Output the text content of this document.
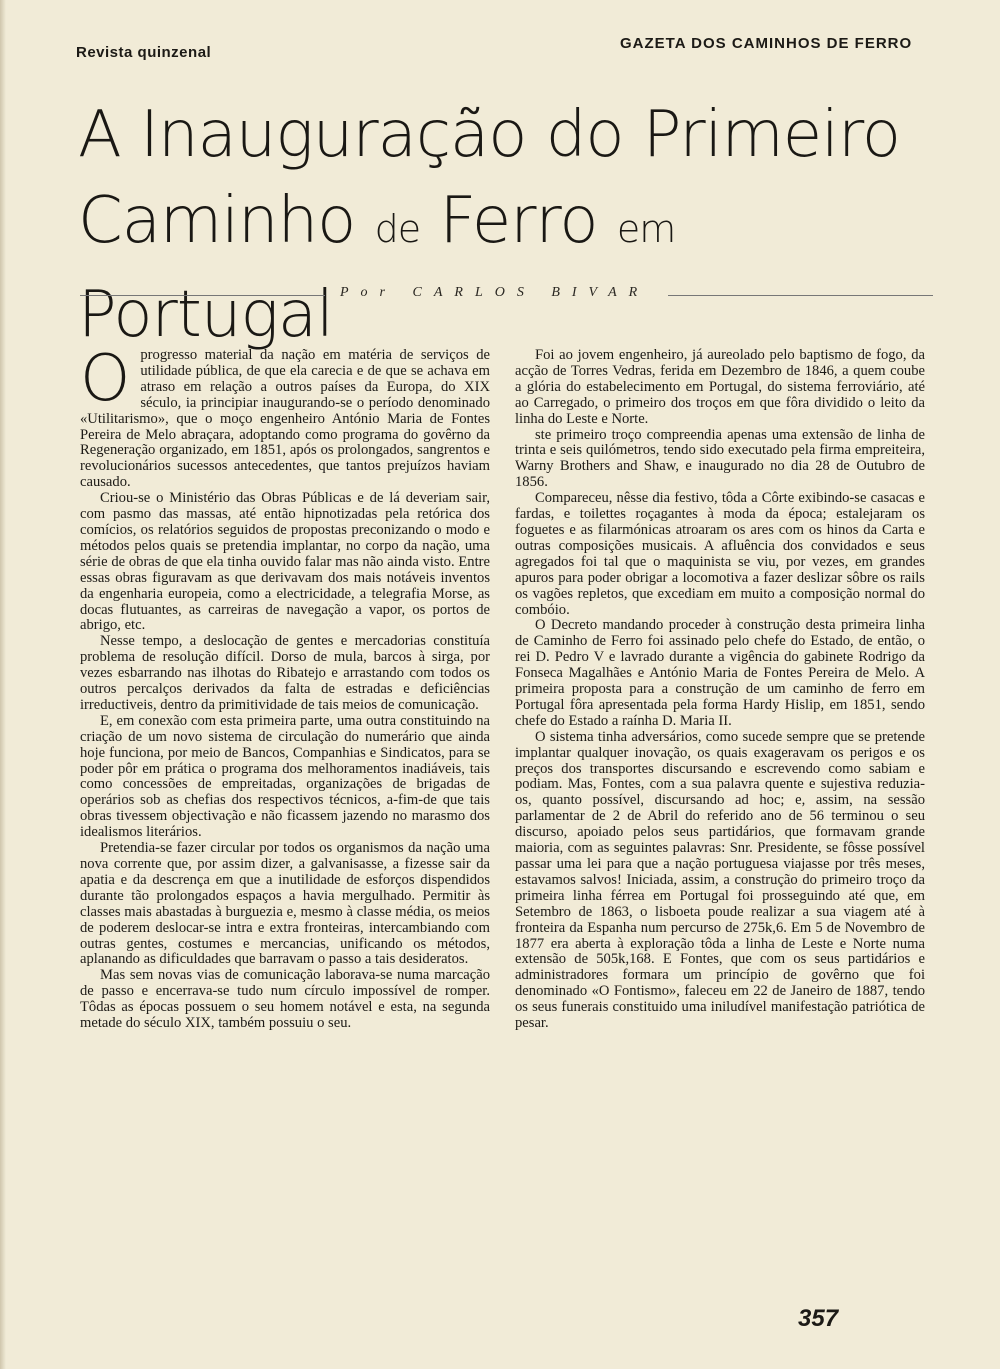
Revista quinzenal
GAZETA DOS CAMINHOS DE FERRO
A Inauguração do Primeiro
Caminho de Ferro em Portugal Por CARLOS BIVAR

Oprogresso material da nação em matéria de serviços de utilidade pública, de que ela carecia e de que se achava em atraso em relação a outros países da Europa, do XIX século, ia principiar inaugurando-se o período denominado «Utilitarismo», que o moço engenheiro António Maria de Fontes Pereira de Melo abraçara, adoptando como programa do govêrno da Regeneração organizado, em 1851, após os prolongados, sangrentos e revolucionários sucessos antecedentes, que tantos prejuízos haviam causado.

Criou-se o Ministério das Obras Públicas e de lá deveriam sair, com pasmo das massas, até então hipnotizadas pela retórica dos comícios, os relatórios seguidos de propostas preconizando o modo e métodos pelos quais se pretendia implantar, no corpo da nação, uma série de obras de que ela tinha ouvido falar mas não ainda visto. Entre essas obras figuravam as que derivavam dos mais notáveis inventos da engenharia europeia, como a electricidade, a telegrafia Morse, as docas flutuantes, as carreiras de navegação a vapor, os portos de abrigo, etc.

Nesse tempo, a deslocação de gentes e mercadorias constituía problema de resolução difícil. Dorso de mula, barcos à sirga, por vezes esbarrando nas ilhotas do Ribatejo e arrastando com todos os outros percalços derivados da falta de estradas e deficiências irreductiveis, dentro da primitividade de tais meios de comunicação.

E, em conexão com esta primeira parte, uma outra constituindo na criação de um novo sistema de circulação do numerário que ainda hoje funciona, por meio de Bancos, Companhias e Sindicatos, para se poder pôr em prática o programa dos melhoramentos inadiáveis, tais como concessões de empreitadas, organizações de brigadas de operários sob as chefias dos respectivos técnicos, a-fim-de que tais obras tivessem objectivação e não ficassem jazendo no marasmo dos idealismos literários.

Pretendia-se fazer circular por todos os organismos da nação uma nova corrente que, por assim dizer, a galvanisasse, a fizesse sair da apatia e da descrença em que a inutilidade de esforços dispendidos durante tão prolongados espaços a havia mergulhado. Permitir às classes mais abastadas à burguezia e, mesmo à classe média, os meios de poderem deslocar-se intra e extra fronteiras, intercambiando com outras gentes, costumes e mercancias, unificando os métodos, aplanando as dificuldades que barravam o passo a tais desideratos.

Mas sem novas vias de comunicação laborava-se numa marcação de passo e encerrava-se tudo num círculo impossível de romper. Tôdas as épocas possuem o seu homem notável e esta, na segunda metade do século XIX, também possuiu o seu.

Foi ao jovem engenheiro, já aureolado pelo baptismo de fogo, da acção de Torres Vedras, ferida em Dezembro de 1846, a quem coube a glória do estabelecimento em Portugal, do sistema ferroviário, até ao Carregado, o primeiro dos troços em que fôra dividido o leito da linha do Leste e Norte.

ste primeiro troço compreendia apenas uma extensão de linha de trinta e seis quilómetros, tendo sido executado pela firma empreiteira, Warny Brothers and Shaw, e inaugurado no dia 28 de Outubro de 1856.

Compareceu, nêsse dia festivo, tôda a Côrte exibindo-se casacas e fardas, e toilettes roçagantes à moda da época; estalejaram os foguetes e as filarmónicas atroaram os ares com os hinos da Carta e outras composições musicais. A afluência dos convidados e seus agregados foi tal que o maquinista se viu, por vezes, em grandes apuros para poder obrigar a locomotiva a fazer deslizar sôbre os rails os vagões repletos, que excediam em muito a composição normal do combóio.

O Decreto mandando proceder à construção desta primeira linha de Caminho de Ferro foi assinado pelo chefe do Estado, de então, o rei D. Pedro V e lavrado durante a vigência do gabinete Rodrigo da Fonseca Magalhães e António Maria de Fontes Pereira de Melo. A primeira proposta para a construção de um caminho de ferro em Portugal fôra apresentada pela forma Hardy Hislip, em 1851, sendo chefe do Estado a raínha D. Maria II.

O sistema tinha adversários, como sucede sempre que se pretende implantar qualquer inovação, os quais exageravam os perigos e os preços dos transportes discursando e escrevendo como sabiam e podiam. Mas, Fontes, com a sua palavra quente e sujestiva reduzia-os, quanto possível, discursando ad hoc; e, assim, na sessão parlamentar de 2 de Abril do referido ano de 56 terminou o seu discurso, apoiado pelos seus partidários, que formavam grande maioria, com as seguintes palavras: Snr. Presidente, se fôsse possível passar uma lei para que a nação portuguesa viajasse por três meses, estavamos salvos! Iniciada, assim, a construção do primeiro troço da primeira linha férrea em Portugal foi prosseguindo até que, em Setembro de 1863, o lisboeta poude realizar a sua viagem até à fronteira da Espanha num percurso de 275k,6. Em 5 de Novembro de 1877 era aberta à exploração tôda a linha de Leste e Norte numa extensão de 505k,168. E Fontes, que com os seus partidários e administradores formara um princípio de govêrno que foi denominado «O Fontismo», faleceu em 22 de Janeiro de 1887, tendo os seus funerais constituido uma iniludível manifestação patriótica de pesar.

357
